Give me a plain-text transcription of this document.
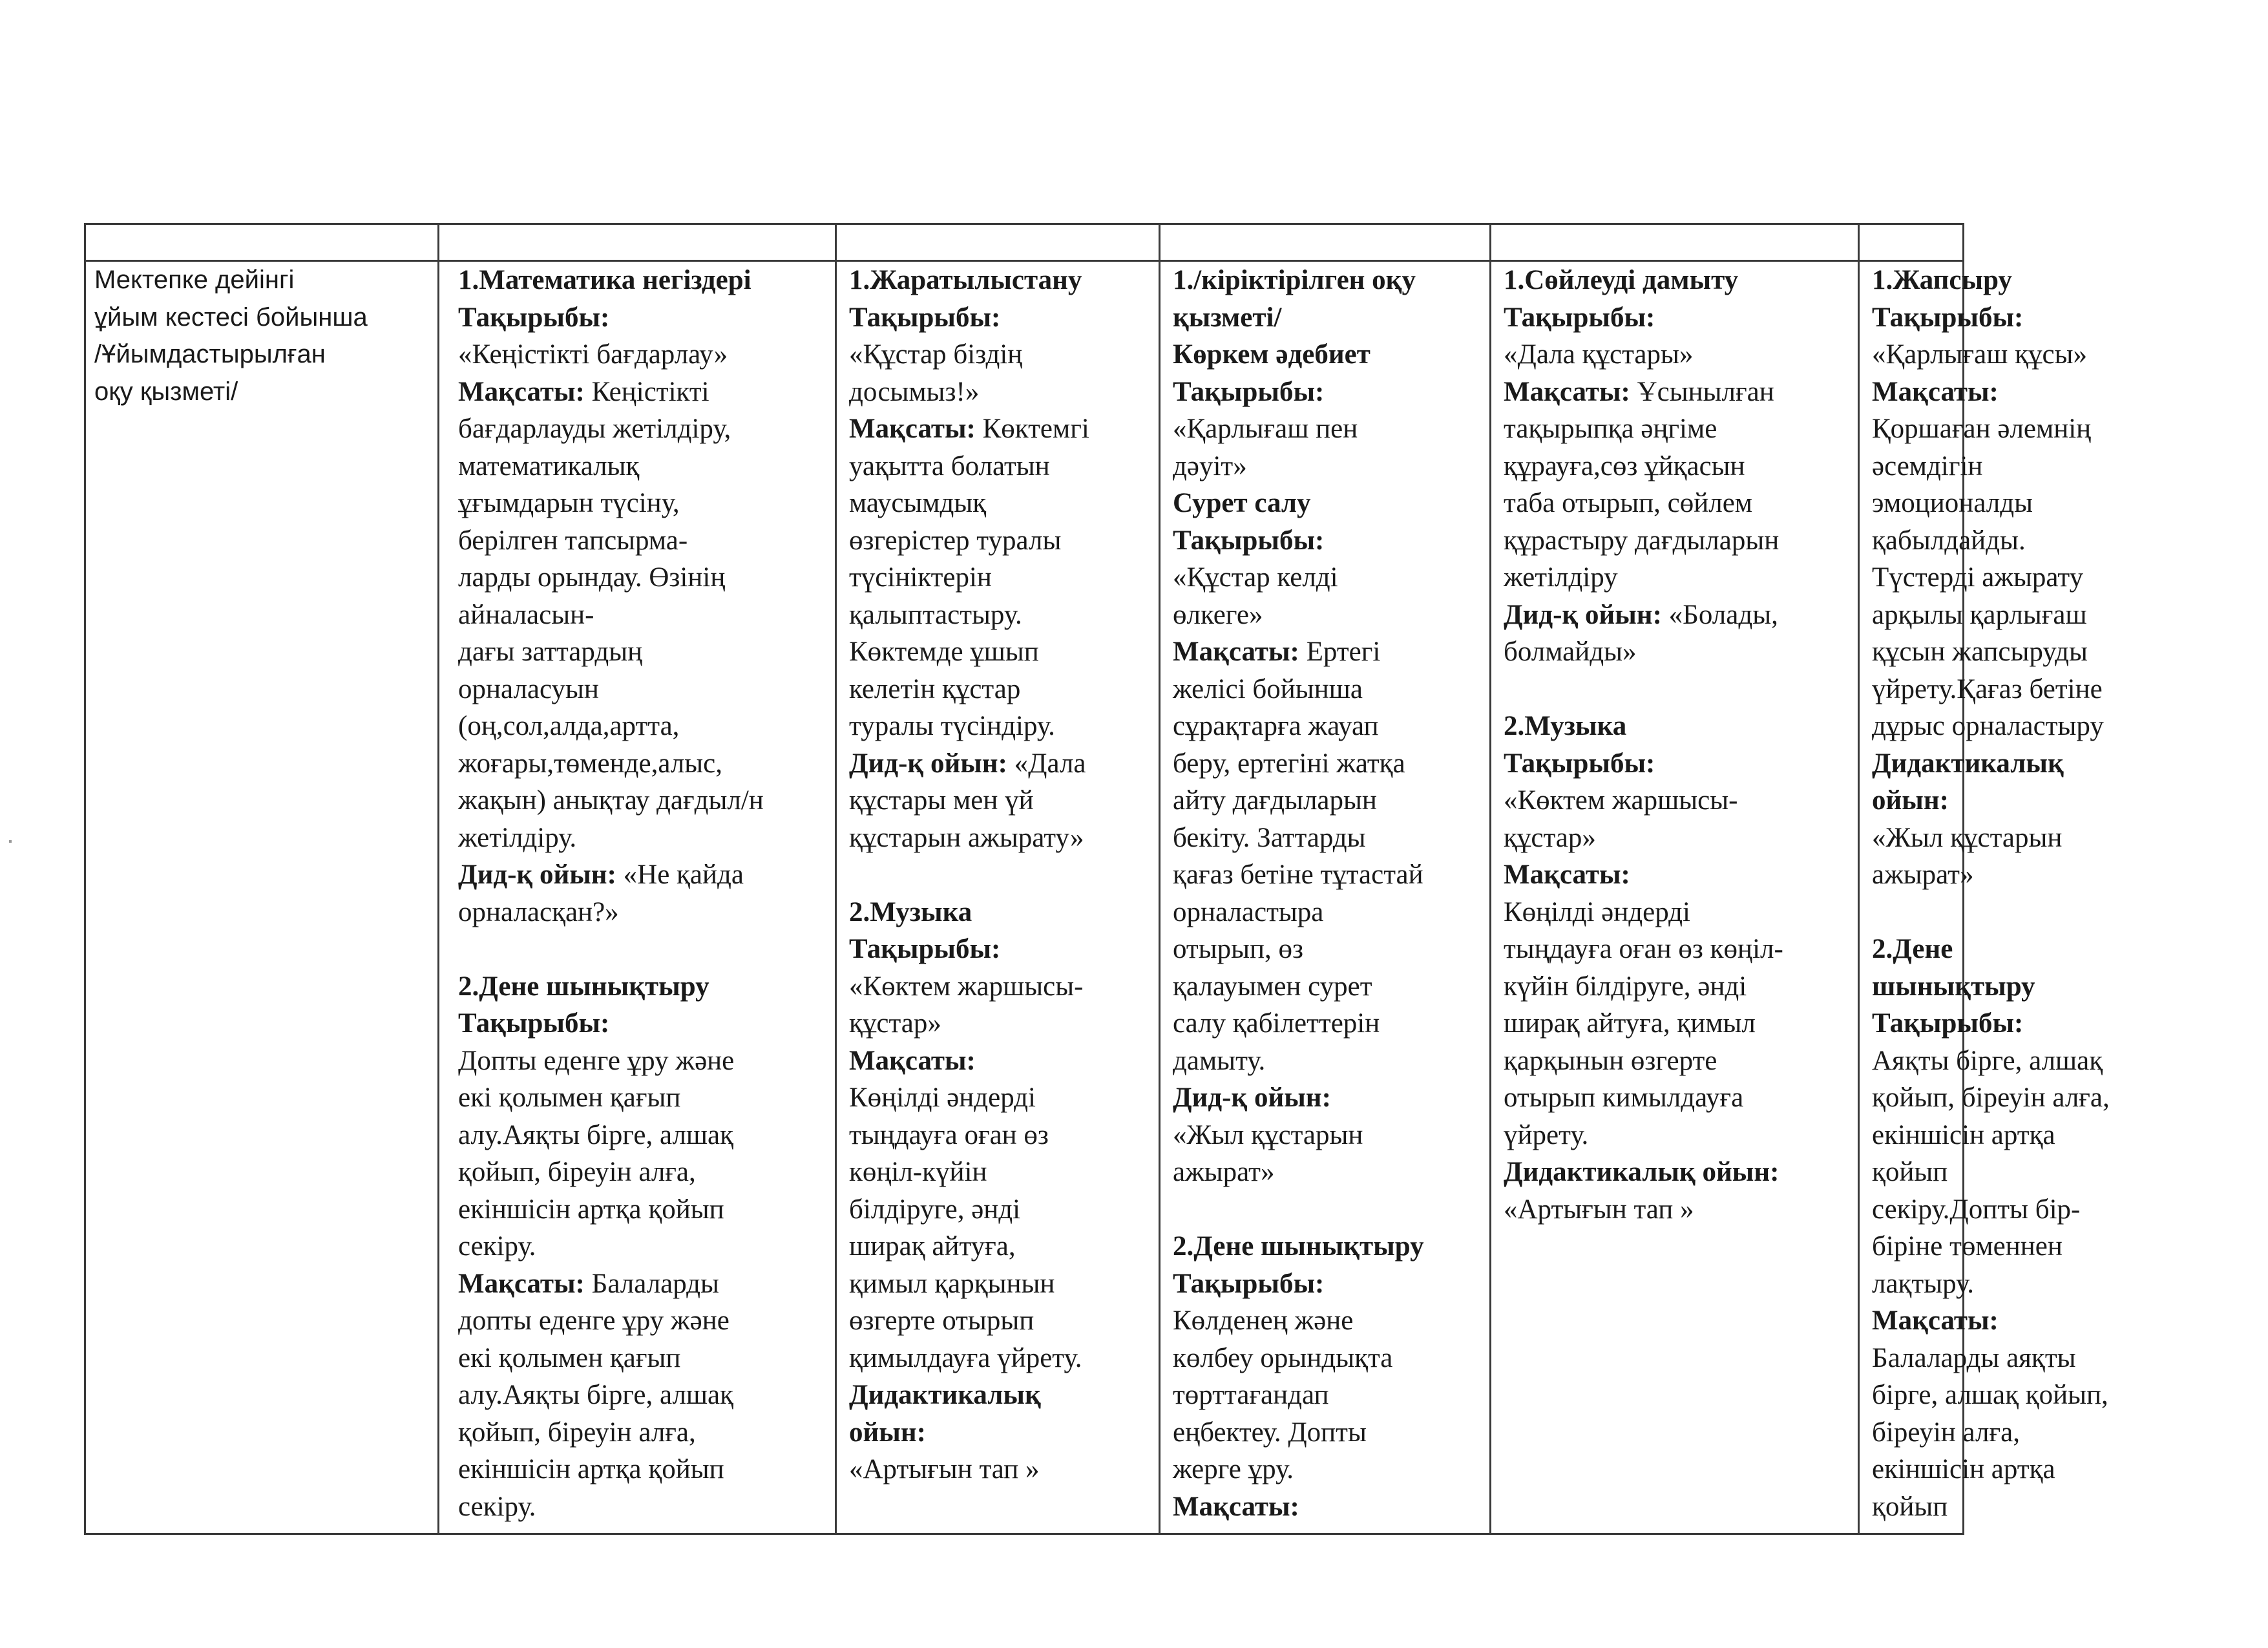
Мектепке дейінгі
ұйым кестесі бойынша
/Ұйымдастырылған
оқу қызметі/
1.Математика негіздері
Тақырыбы:
«Кеңістікті бағдарлау»
Мақсаты: Кеңістікті
бағдарлауды жетілдіру,
математикалық
ұғымдарын түсіну,
берілген тапсырма-
ларды орындау. Өзінің
айналасын-
дағы заттардың
орналасуын
(оң,сол,алда,артта,
жоғары,төменде,алыс,
жақын) анықтау дағдыл/н
жетілдіру.
Дид-қ ойын: «Не қайда
орналасқан?»
2.Дене шынықтыру
Тақырыбы:
Допты еденге ұру және
екі қолымен қағып
алу.Аяқты бірге, алшақ
қойып, біреуін алға,
екіншісін артқа қойып
секіру.
Мақсаты: Балаларды
допты еденге ұру және
екі қолымен қағып
алу.Аяқты бірге, алшақ
қойып, біреуін алға,
екіншісін артқа қойып
секіру.
1.Жаратылыстану
Тақырыбы:
«Құстар біздің
досымыз!»
Мақсаты: Көктемгі
уақытта болатын
маусымдық
өзгерістер туралы
түсініктерін
қалыптастыру.
Көктемде ұшып
келетін құстар
туралы түсіндіру.
Дид-қ ойын: «Дала
құстары мен үй
құстарын ажырату»
2.Музыка
Тақырыбы:
«Көктем жаршысы-
құстар»
Мақсаты:
Көңілді әндерді
тыңдауға оған өз
көңіл-күйін
білдіруге, әнді
ширақ айтуға,
қимыл қарқынын
өзгерте отырып
қимылдауға үйрету.
Дидактикалық
ойын:
«Артығын тап »
1./кіріктірілген оқу
қызметі/
Көркем әдебиет
Тақырыбы:
«Қарлығаш пен
дәуіт»
Сурет салу
Тақырыбы:
«Құстар келді
өлкеге»
Мақсаты: Ертегі
желісі бойынша
сұрақтарға жауап
беру, ертегіні жатқа
айту дағдыларын
бекіту. Заттарды
қағаз бетіне тұтастай
орналастыра
отырып, өз
қалауымен сурет
салу қабілеттерін
дамыту.
Дид-қ ойын:
«Жыл құстарын
ажырат»
2.Дене шынықтыру
Тақырыбы:
Көлденең және
көлбеу орындықта
төрттағандап
еңбектеу. Допты
жерге ұру.
Мақсаты:
1.Сөйлеуді дамыту
Тақырыбы:
«Дала құстары»
Мақсаты: Ұсынылған
тақырыпқа әңгіме
құрауға,сөз ұйқасын
таба отырып, сөйлем
құрастыру дағдыларын
жетілдіру
Дид-қ ойын: «Болады,
болмайды»
2.Музыка
Тақырыбы:
«Көктем жаршысы-
құстар»
Мақсаты:
Көңілді әндерді
тыңдауға оған өз көңіл-
күйін білдіруге, әнді
ширақ айтуға, қимыл
қарқынын өзгерте
отырып кимылдауға
үйрету.
Дидактикалық ойын:
«Артығын тап »
1.Жапсыру
Тақырыбы:
«Қарлығаш құсы»
Мақсаты:
Қоршаған әлемнің
әсемдігін
эмоционалды
қабылдайды.
Түстерді ажырату
арқылы қарлығаш
құсын жапсыруды
үйрету.Қағаз бетіне
дұрыс орналастыру
Дидактикалық
ойын:
«Жыл құстарын
ажырат»
2.Дене
шынықтыру
Тақырыбы:
Аяқты бірге, алшақ
қойып, біреуін алға,
екіншісін артқа
қойып
секіру.Допты бір-
біріне төменнен
лақтыру.
Мақсаты:
Балаларды аяқты
бірге, алшақ қойып,
біреуін алға,
екіншісін артқа
қойып
